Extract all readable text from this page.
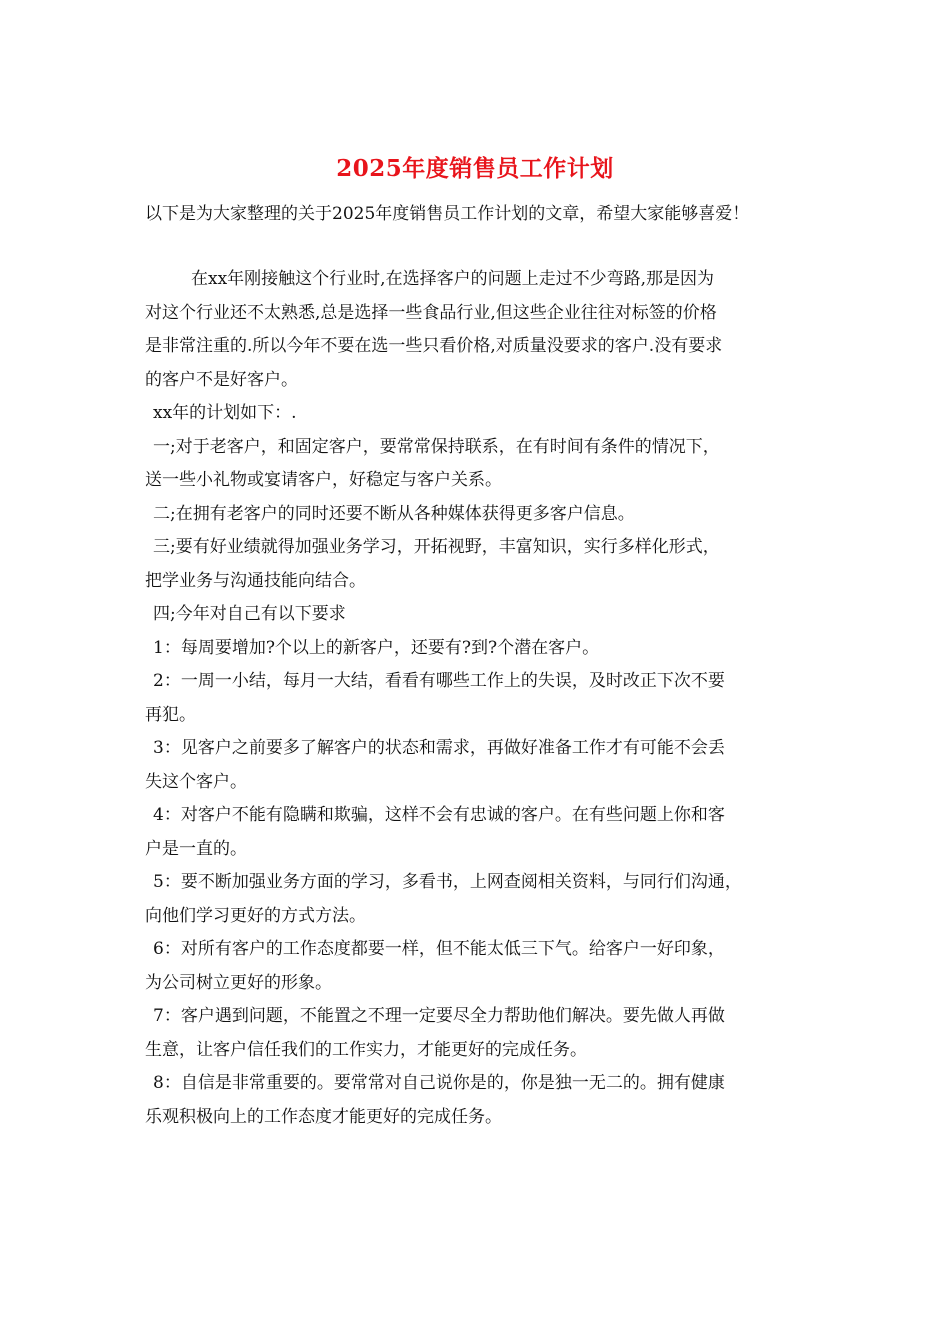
2025年度销售员工作计划
以下是为大家整理的关于2025年度销售员工作计划的文章，希望大家能够喜爱！
在xx年刚接触这个行业时,在选择客户的问题上走过不少弯路,那是因为
对这个行业还不太熟悉,总是选择一些食品行业,但这些企业往往对标签的价格
是非常注重的.所以今年不要在选一些只看价格,对质量没要求的客户.没有要求
的客户不是好客户。
xx年的计划如下：.
一;对于老客户，和固定客户，要常常保持联系，在有时间有条件的情况下，
送一些小礼物或宴请客户，好稳定与客户关系。
二;在拥有老客户的同时还要不断从各种媒体获得更多客户信息。
三;要有好业绩就得加强业务学习，开拓视野，丰富知识，实行多样化形式，
把学业务与沟通技能向结合。
四;今年对自己有以下要求
1：每周要增加?个以上的新客户，还要有?到?个潜在客户。
2：一周一小结，每月一大结，看看有哪些工作上的失误，及时改正下次不要
再犯。
3：见客户之前要多了解客户的状态和需求，再做好准备工作才有可能不会丢
失这个客户。
4：对客户不能有隐瞒和欺骗，这样不会有忠诚的客户。在有些问题上你和客
户是一直的。
5：要不断加强业务方面的学习，多看书，上网查阅相关资料，与同行们沟通，
向他们学习更好的方式方法。
6：对所有客户的工作态度都要一样，但不能太低三下气。给客户一好印象，
为公司树立更好的形象。
7：客户遇到问题，不能置之不理一定要尽全力帮助他们解决。要先做人再做
生意，让客户信任我们的工作实力，才能更好的完成任务。
8：自信是非常重要的。要常常对自己说你是的，你是独一无二的。拥有健康
乐观积极向上的工作态度才能更好的完成任务。
